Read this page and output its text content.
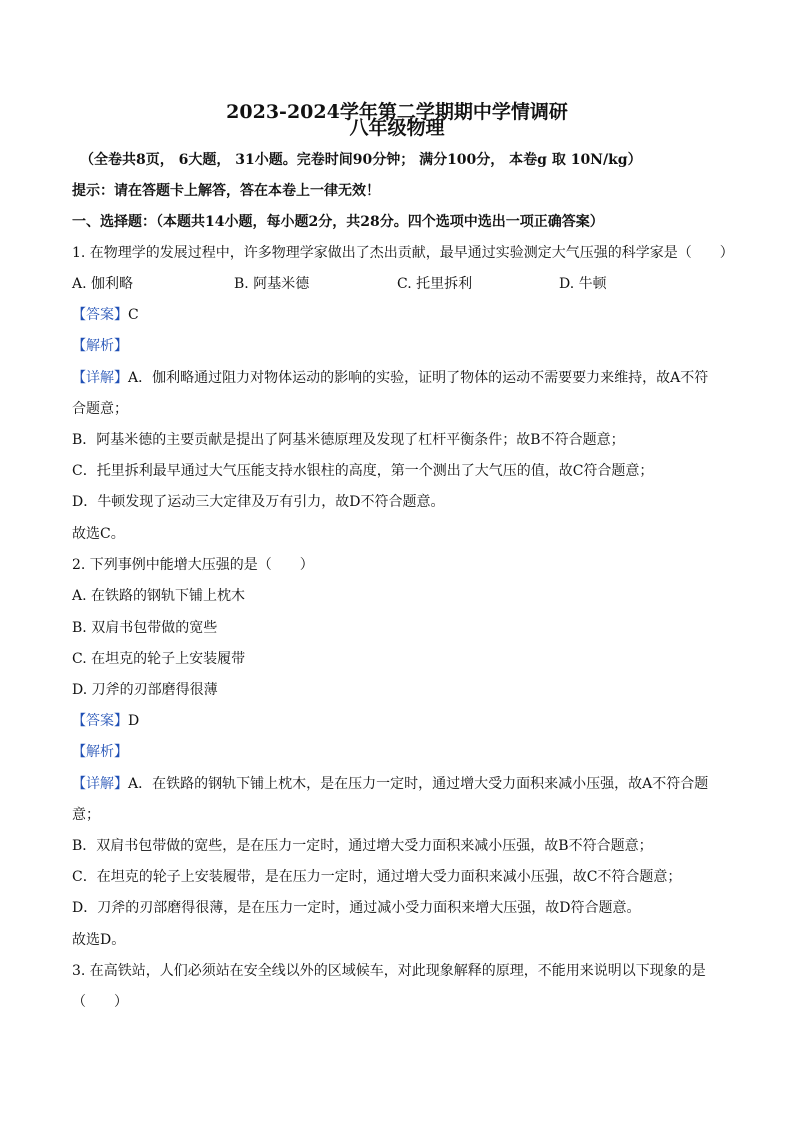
2023-2024学年第二学期期中学情调研
八年级物理
（全卷共8页， 6大题， 31小题。完卷时间90分钟； 满分100分， 本卷g 取 10N/kg）
提示：请在答题卡上解答，答在本卷上一律无效！
一、选择题：（本题共14小题，每小题2分，共28分。四个选项中选出一项正确答案）
1. 在物理学的发展过程中，许多物理学家做出了杰出贡献，最早通过实验测定大气压强的科学家是（　　）
A. 伽利略	B. 阿基米德	C. 托里拆利	D. 牛顿
【答案】C
【解析】
【详解】A．伽利略通过阻力对物体运动的影响的实验，证明了物体的运动不需要要力来维持，故A不符
合题意；
B．阿基米德的主要贡献是提出了阿基米德原理及发现了杠杆平衡条件；故B不符合题意；
C．托里拆利最早通过大气压能支持水银柱的高度，第一个测出了大气压的值，故C符合题意；
D．牛顿发现了运动三大定律及万有引力，故D不符合题意。
故选C。
2. 下列事例中能增大压强的是（　　）
A. 在铁路的钢轨下铺上枕木
B. 双肩书包带做的宽些
C. 在坦克的轮子上安装履带
D. 刀斧的刃部磨得很薄
【答案】D
【解析】
【详解】A．在铁路的钢轨下铺上枕木，是在压力一定时，通过增大受力面积来减小压强，故A不符合题
意；
B．双肩书包带做的宽些，是在压力一定时，通过增大受力面积来减小压强，故B不符合题意；
C．在坦克的轮子上安装履带，是在压力一定时，通过增大受力面积来减小压强，故C不符合题意；
D．刀斧的刃部磨得很薄，是在压力一定时，通过减小受力面积来增大压强，故D符合题意。
故选D。
3. 在高铁站，人们必须站在安全线以外的区域候车，对此现象解释的原理，不能用来说明以下现象的是
（　　）
